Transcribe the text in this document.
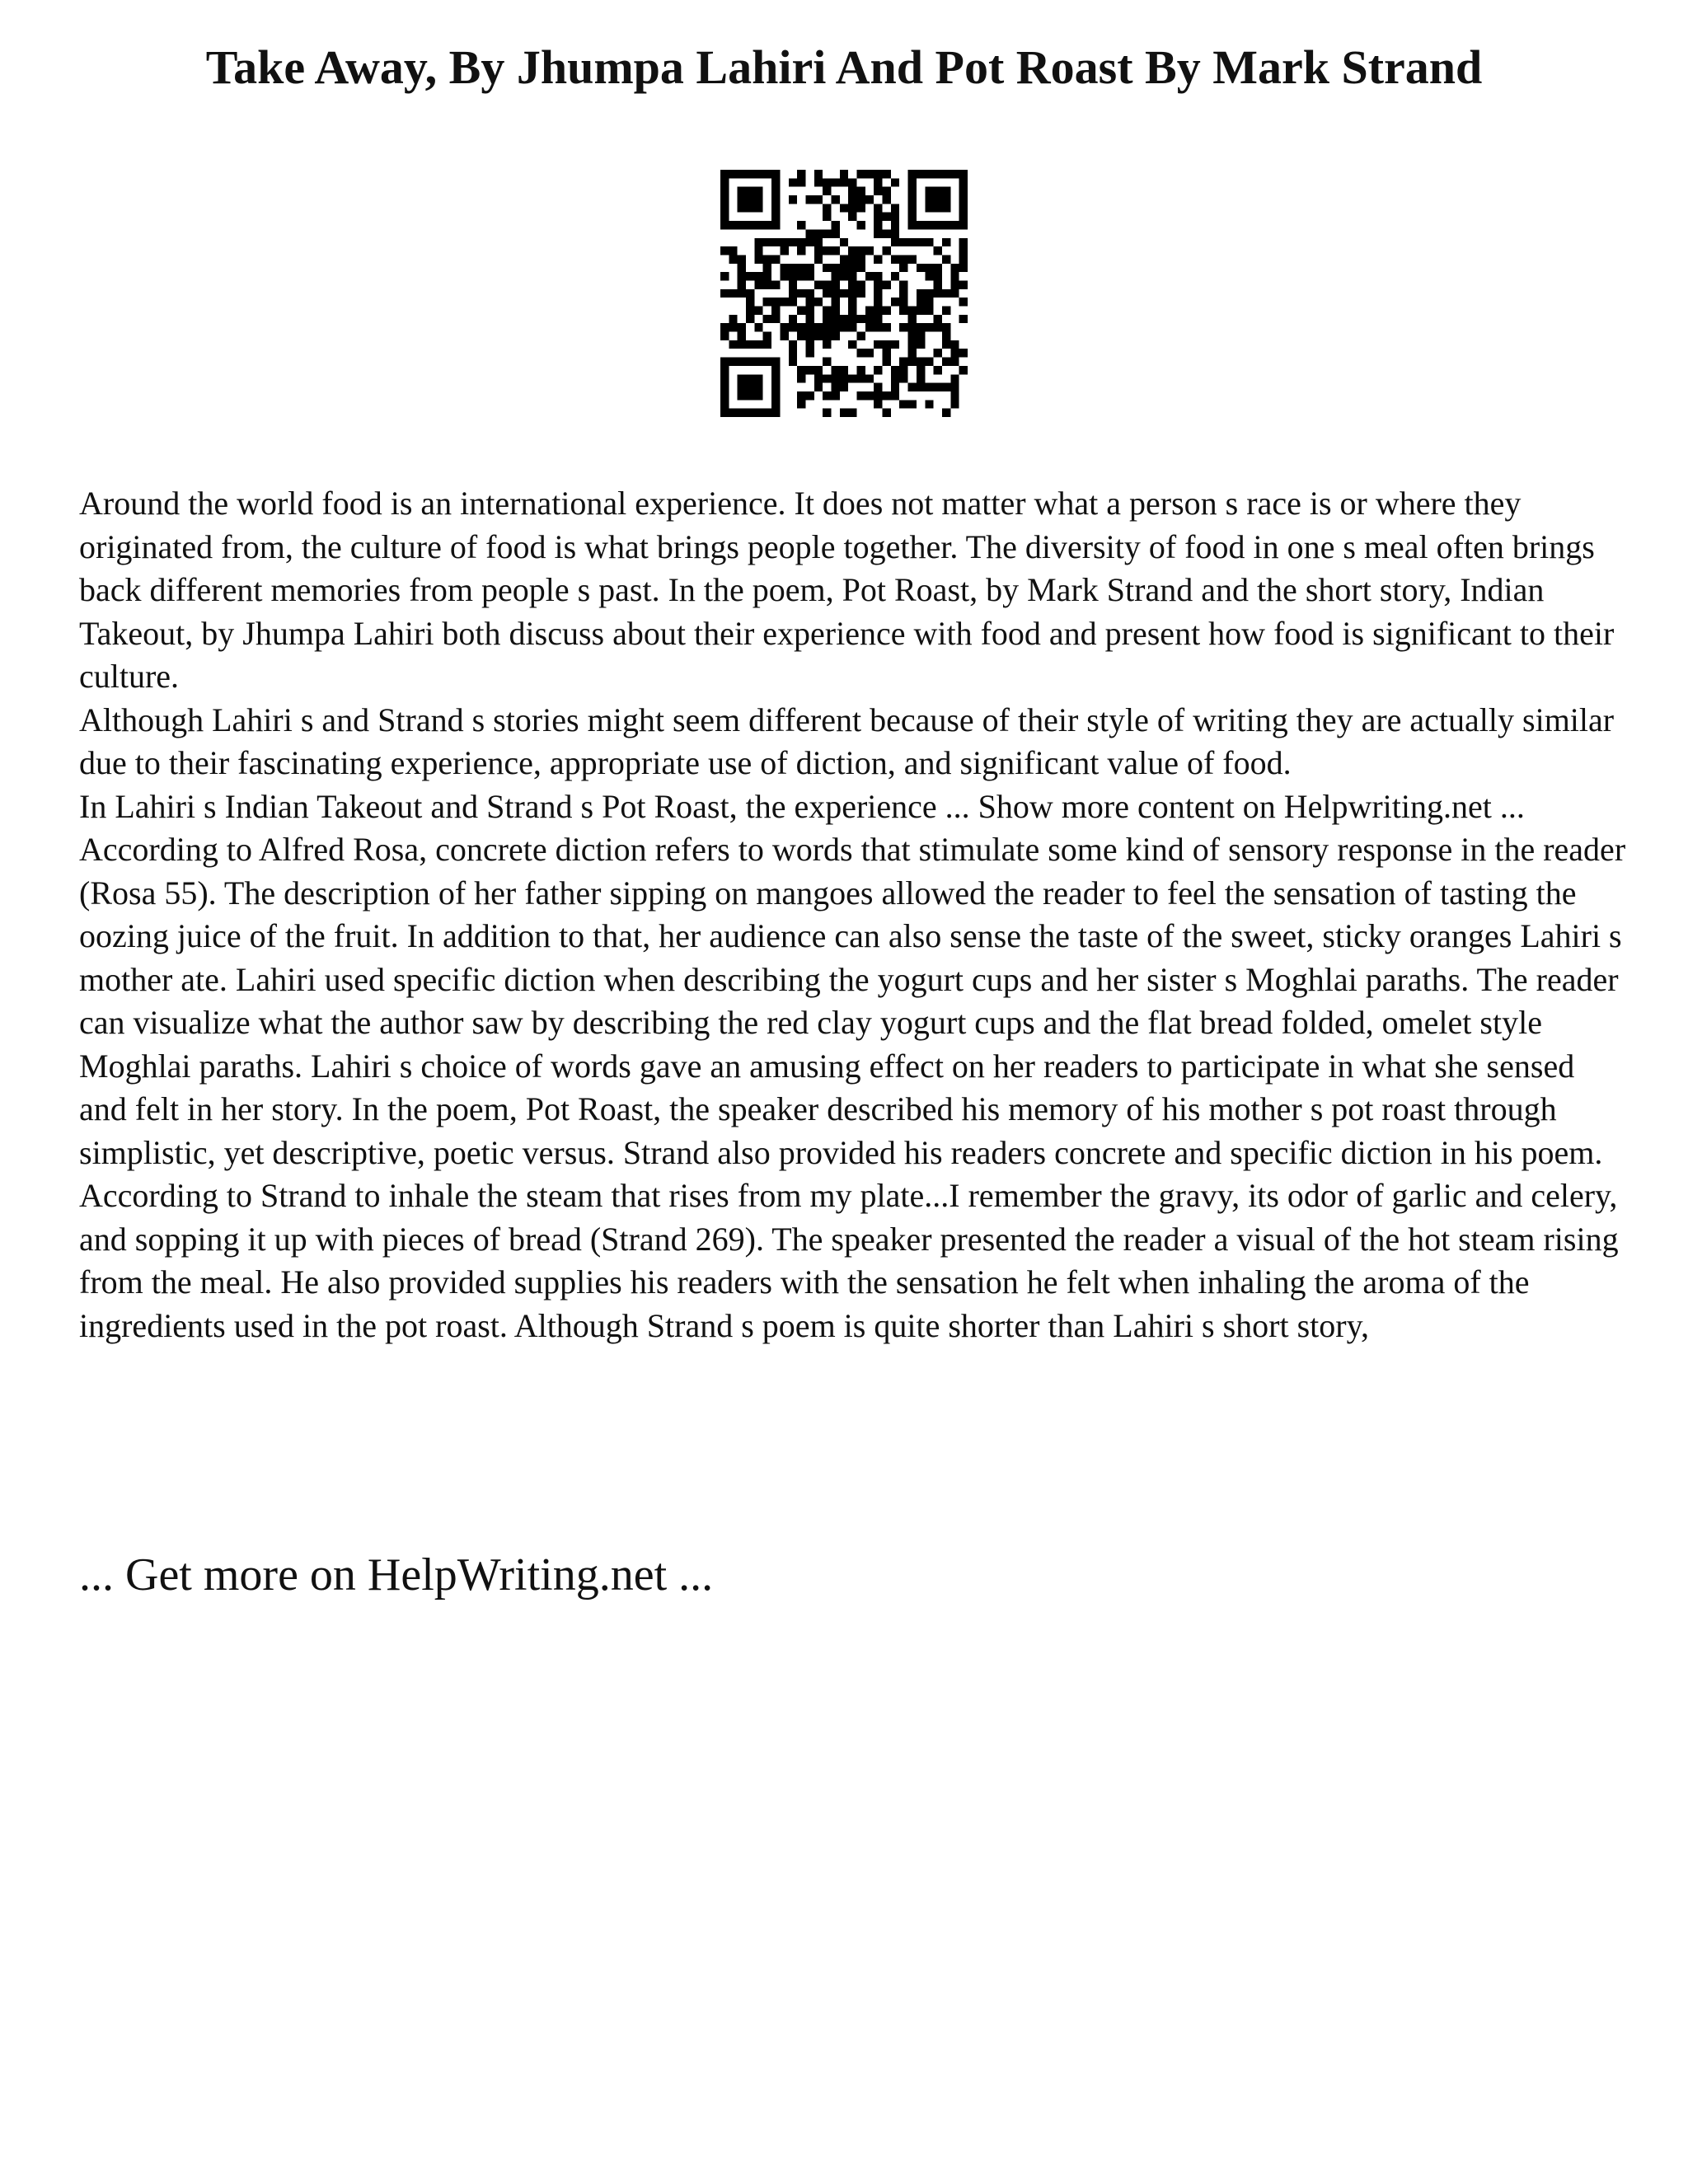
Take Away, By Jhumpa Lahiri And Pot Roast By Mark Strand

Around the world food is an international experience. It does not matter what a person s race is or where they originated from, the culture of food is what brings people together. The diversity of food in one s meal often brings back different memories from people s past. In the poem, Pot Roast, by Mark Strand and the short story, Indian Takeout, by Jhumpa Lahiri both discuss about their experience with food and present how food is significant to their culture.

Although Lahiri s and Strand s stories might seem different because of their style of writing they are actually similar due to their fascinating experience, appropriate use of diction, and significant value of food.

In Lahiri s Indian Takeout and Strand s Pot Roast, the experience ... Show more content on Helpwriting.net ...

According to Alfred Rosa, concrete diction refers to words that stimulate some kind of sensory response in the reader (Rosa 55). The description of her father sipping on mangoes allowed the reader to feel the sensation of tasting the oozing juice of the fruit. In addition to that, her audience can also sense the taste of the sweet, sticky oranges Lahiri s mother ate. Lahiri used specific diction when describing the yogurt cups and her sister s Moghlai paraths. The reader can visualize what the author saw by describing the red clay yogurt cups and the flat bread folded, omelet style Moghlai paraths. Lahiri s choice of words gave an amusing effect on her readers to participate in what she sensed and felt in her story. In the poem, Pot Roast, the speaker described his memory of his mother s pot roast through simplistic, yet descriptive, poetic versus. Strand also provided his readers concrete and specific diction in his poem. According to Strand to inhale the steam that rises from my plate...I remember the gravy, its odor of garlic and celery, and sopping it up with pieces of bread (Strand 269). The speaker presented the reader a visual of the hot steam rising from the meal. He also provided supplies his readers with the sensation he felt when inhaling the aroma of the ingredients used in the pot roast. Although Strand s poem is quite shorter than Lahiri s short story,

... Get more on HelpWriting.net ...
